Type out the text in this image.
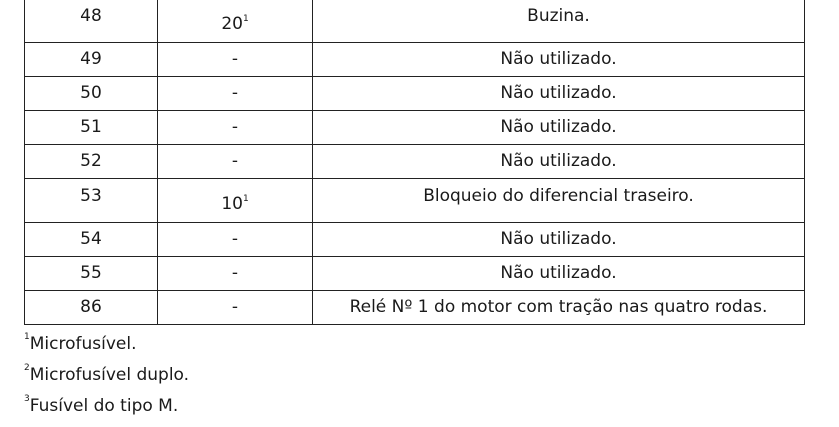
48	$20^1$	Buzina.

49	-	Não utilizado.

50	-	Não utilizado.

51	-	Não utilizado.

52	-	Não utilizado.

53	$10^1$	Bloqueio do diferencial traseiro.

54	-	Não utilizado.

55	-	Não utilizado.

86	-	Relé Nº 1 do motor com tração nas quatro rodas.
$^1$Microfusível.
$^2$Microfusível duplo.
$^3$Fusível do tipo M.
